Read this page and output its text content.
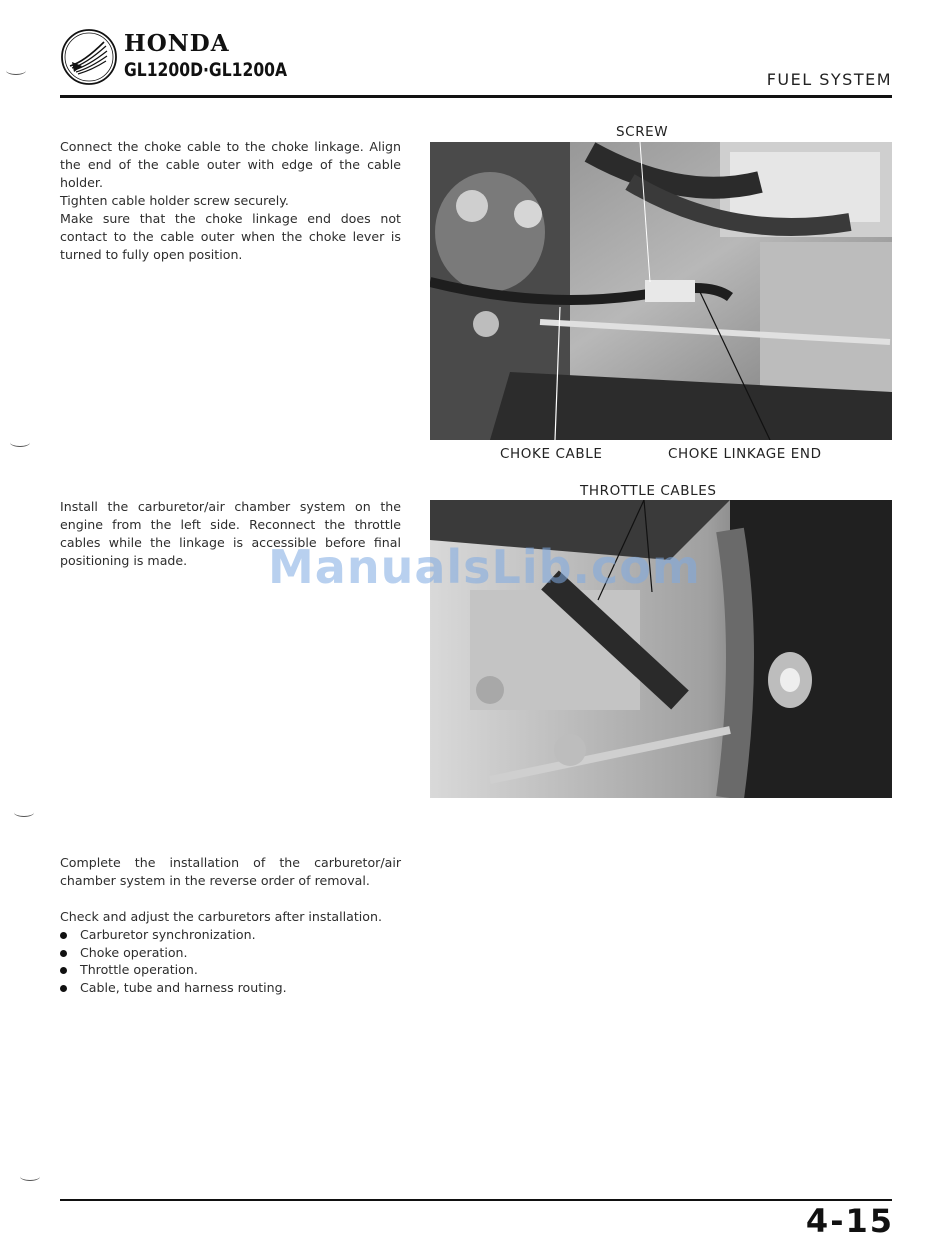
HONDA
GL1200D·GL1200A	FUEL SYSTEM

Connect the choke cable to the choke linkage. Align the end of the cable outer with edge of the cable holder.

Tighten cable holder screw securely.

Make sure that the choke linkage end does not contact to the cable outer when the choke lever is turned to fully open position.

SCREW
CHOKE CABLE	CHOKE LINKAGE END

Install the carburetor/air chamber system on the engine from the left side. Reconnect the throttle cables while the linkage is accessible before final positioning is made.

THROTTLE CABLES
ManualsLib.com

Complete the installation of the carburetor/air chamber system in the reverse order of removal.

Check and adjust the carburetors after installation.

Carburetor synchronization.
Choke operation.
Throttle operation.
Cable, tube and harness routing.
4-15
